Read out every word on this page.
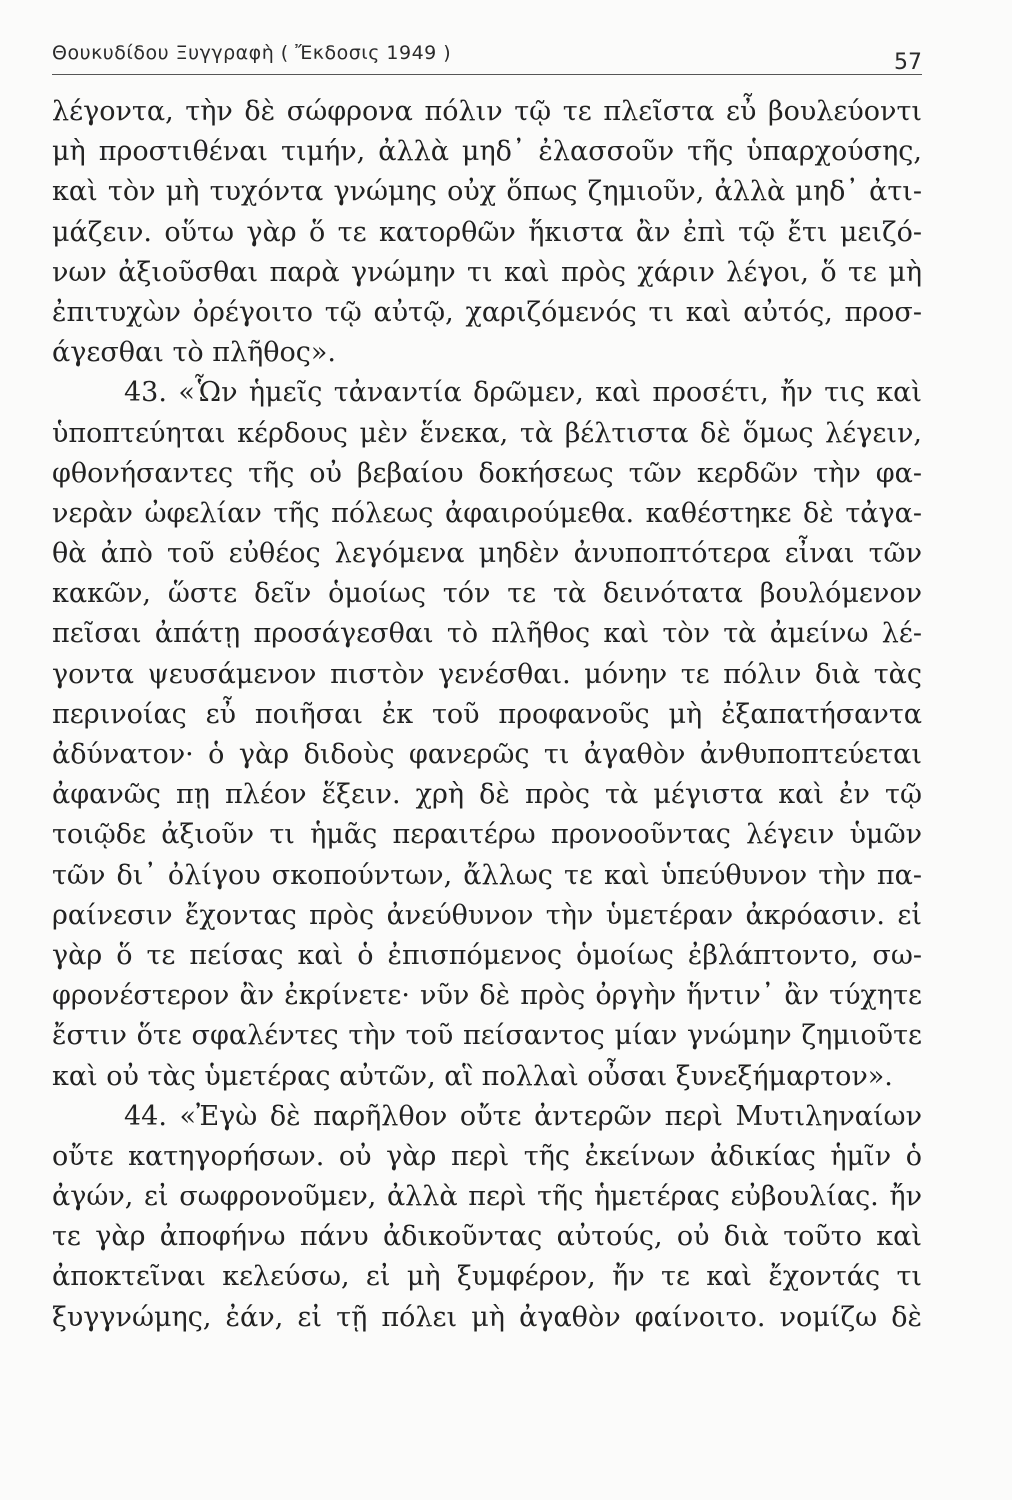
Θουκυδίδου Ξυγγραφὴ ( Ἔκδοσις 1949 )	57
λέγοντα, τὴν δὲ σώφρονα πόλιν τῷ τε πλεῖστα εὖ βουλεύοντι
μὴ προστιθέναι τιμήν, ἀλλὰ μηδ᾽ ἐλασσοῦν τῆς ὑπαρχούσης,
καὶ τὸν μὴ τυχόντα γνώμης οὐχ ὅπως ζημιοῦν, ἀλλὰ μηδ᾽ ἀτι-
μάζειν. οὕτω γὰρ ὅ τε κατορθῶν ἥκιστα ἂν ἐπὶ τῷ ἔτι μειζό-
νων ἀξιοῦσθαι παρὰ γνώμην τι καὶ πρὸς χάριν λέγοι, ὅ τε μὴ
ἐπιτυχὼν ὀρέγοιτο τῷ αὐτῷ, χαριζόμενός τι καὶ αὐτός, προσ-
άγεσθαι τὸ πλῆθος».
43. «Ὧν ἡμεῖς τἀναντία δρῶμεν, καὶ προσέτι, ἤν τις καὶ
ὑποπτεύηται κέρδους μὲν ἕνεκα, τὰ βέλτιστα δὲ ὅμως λέγειν,
φθονήσαντες τῆς οὐ βεβαίου δοκήσεως τῶν κερδῶν τὴν φα-
νερὰν ὠφελίαν τῆς πόλεως ἀφαιρούμεθα. καθέστηκε δὲ τἀγα-
θὰ ἀπὸ τοῦ εὐθέος λεγόμενα μηδὲν ἀνυποπτότερα εἶναι τῶν
κακῶν, ὥστε δεῖν ὁμοίως τόν τε τὰ δεινότατα βουλόμενον
πεῖσαι ἀπάτῃ προσάγεσθαι τὸ πλῆθος καὶ τὸν τὰ ἀμείνω λέ-
γοντα ψευσάμενον πιστὸν γενέσθαι. μόνην τε πόλιν διὰ τὰς
περινοίας εὖ ποιῆσαι ἐκ τοῦ προφανοῦς μὴ ἐξαπατήσαντα
ἀδύνατον· ὁ γὰρ διδοὺς φανερῶς τι ἀγαθὸν ἀνθυποπτεύεται
ἀφανῶς πῃ πλέον ἕξειν. χρὴ δὲ πρὸς τὰ μέγιστα καὶ ἐν τῷ
τοιῷδε ἀξιοῦν τι ἡμᾶς περαιτέρω προνοοῦντας λέγειν ὑμῶν
τῶν δι᾽ ὀλίγου σκοπούντων, ἄλλως τε καὶ ὑπεύθυνον τὴν πα-
ραίνεσιν ἔχοντας πρὸς ἀνεύθυνον τὴν ὑμετέραν ἀκρόασιν. εἰ
γὰρ ὅ τε πείσας καὶ ὁ ἐπισπόμενος ὁμοίως ἐβλάπτοντο, σω-
φρονέστερον ἂν ἐκρίνετε· νῦν δὲ πρὸς ὀργὴν ἥντιν᾽ ἂν τύχητε
ἔστιν ὅτε σφαλέντες τὴν τοῦ πείσαντος μίαν γνώμην ζημιοῦτε
καὶ οὐ τὰς ὑμετέρας αὐτῶν, αἳ πολλαὶ οὖσαι ξυνεξήμαρτον».
44. «Ἐγὼ δὲ παρῆλθον οὔτε ἀντερῶν περὶ Μυτιληναίων
οὔτε κατηγορήσων. οὐ γὰρ περὶ τῆς ἐκείνων ἀδικίας ἡμῖν ὁ
ἀγών, εἰ σωφρονοῦμεν, ἀλλὰ περὶ τῆς ἡμετέρας εὐβουλίας. ἤν
τε γὰρ ἀποφήνω πάνυ ἀδικοῦντας αὐτούς, οὐ διὰ τοῦτο καὶ
ἀποκτεῖναι κελεύσω, εἰ μὴ ξυμφέρον, ἤν τε καὶ ἔχοντάς τι
ξυγγνώμης, ἐάν, εἰ τῇ πόλει μὴ ἀγαθὸν φαίνοιτο. νομίζω δὲ
